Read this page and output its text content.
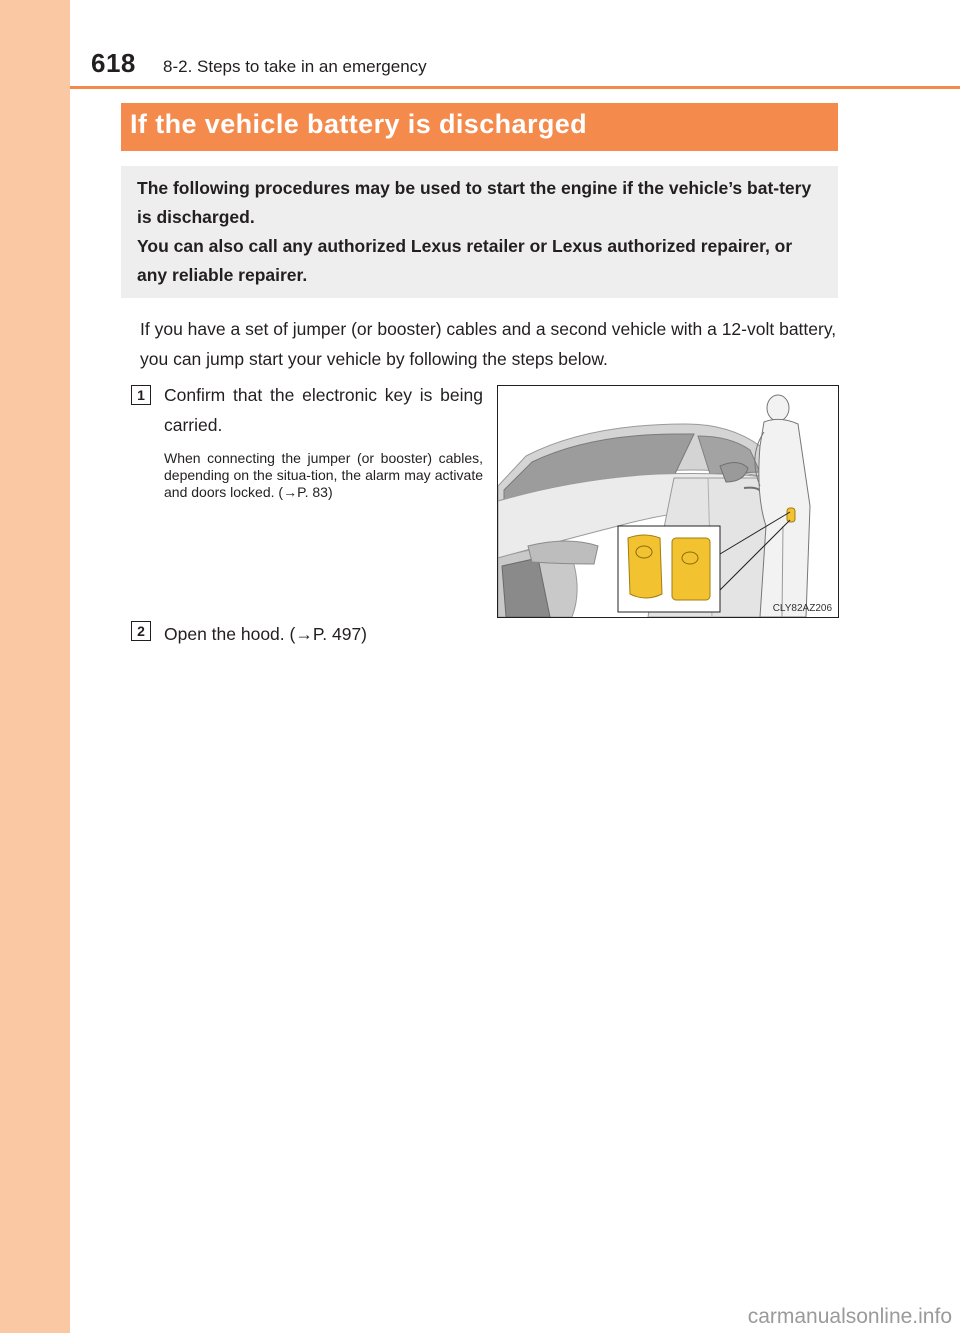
618 8-2. Steps to take in an emergency
If the vehicle battery is discharged

The following procedures may be used to start the engine if the vehicle’s bat-tery is discharged.

You can also call any authorized Lexus retailer or Lexus authorized repairer, or any reliable repairer.

If you have a set of jumper (or booster) cables and a second vehicle with a 12-volt battery, you can jump start your vehicle by following the steps below.

1	Confirm that the electronic key is being carried.

When connecting the jumper (or booster) cables, depending on the situa-tion, the alarm may activate and doors locked. (→P. 83)

CLY82AZ206
2	Open the hood. (→P. 497)

carmanualsonline.info
